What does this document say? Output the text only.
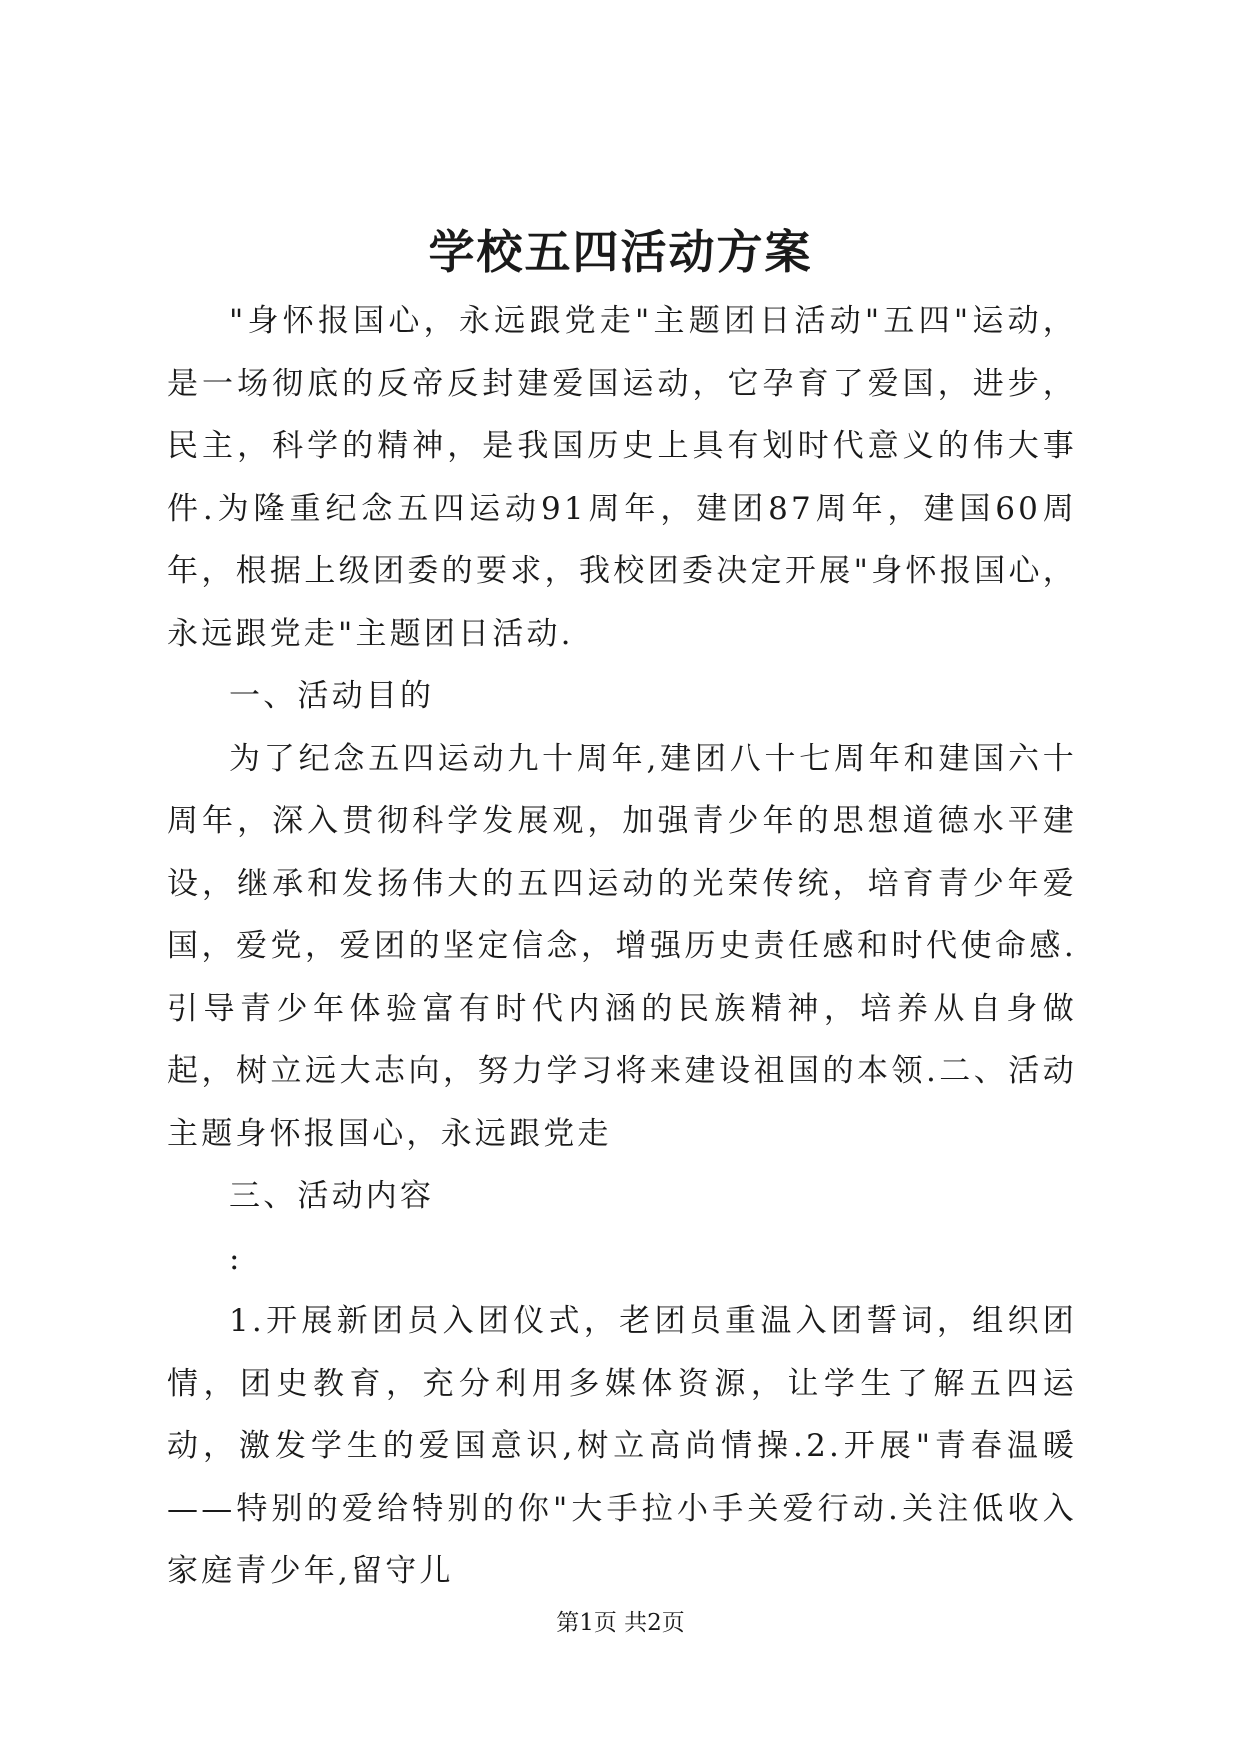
学校五四活动方案

"身怀报国心，永远跟党走"主题团日活动"五四"运动，是一场彻底的反帝反封建爱国运动，它孕育了爱国，进步，民主，科学的精神，是我国历史上具有划时代意义的伟大事件.为隆重纪念五四运动91周年，建团87周年，建国60周年，根据上级团委的要求，我校团委决定开展"身怀报国心，永远跟党走"主题团日活动.

一、活动目的

为了纪念五四运动九十周年,建团八十七周年和建国六十周年，深入贯彻科学发展观，加强青少年的思想道德水平建设，继承和发扬伟大的五四运动的光荣传统，培育青少年爱国，爱党，爱团的坚定信念，增强历史责任感和时代使命感.引导青少年体验富有时代内涵的民族精神，培养从自身做起，树立远大志向，努力学习将来建设祖国的本领.二、活动主题身怀报国心，永远跟党走

三、活动内容

:

1.开展新团员入团仪式，老团员重温入团誓词，组织团情，团史教育，充分利用多媒体资源，让学生了解五四运动，激发学生的爱国意识,树立高尚情操.2.开展"青春温暖——特别的爱给特别的你"大手拉小手关爱行动.关注低收入家庭青少年,留守儿

第1页 共2页
